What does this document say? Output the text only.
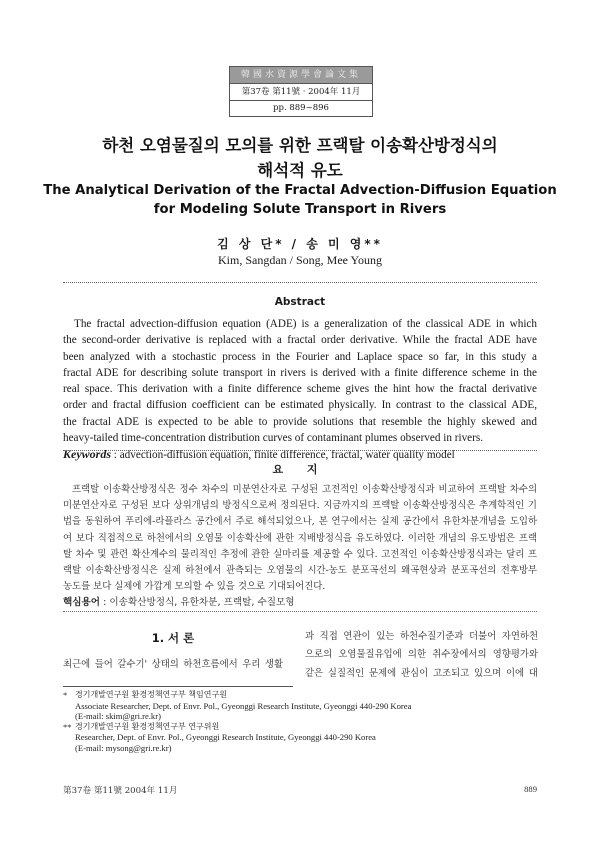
韓國水資源學會論文集
第37卷 第11號 · 2004年 11月
pp. 889~896
하천 오염물질의 모의를 위한 프랙탈 이송확산방정식의
해석적 유도
The Analytical Derivation of the Fractal Advection-Diffusion Equation
for Modeling Solute Transport in Rivers
김 상 단* / 송 미 영**
Kim, Sangdan / Song, Mee Young
Abstract
The fractal advection-diffusion equation (ADE) is a generalization of the classical ADE in which
the second-order derivative is replaced with a fractal order derivative. While the fractal ADE have
been analyzed with a stochastic process in the Fourier and Laplace space so far, in this study a
fractal ADE for describing solute transport in rivers is derived with a finite difference scheme in the
real space. This derivation with a finite difference scheme gives the hint how the fractal derivative
order and fractal diffusion coefficient can be estimated physically. In contrast to the classical ADE,
the fractal ADE is expected to be able to provide solutions that resemble the highly skewed and
heavy-tailed time-concentration distribution curves of contaminant plumes observed in rivers.
Keywords : advection-diffusion equation, finite difference, fractal, water quality model
요 지
프랙탈 이송확산방정식은 정수 차수의 미분연산자로 구성된 고전적인 이송확산방정식과 비교하여 프랙탈 차수의
미분연산자로 구성된 보다 상위개념의 방정식으로써 정의된다. 지금까지의 프랙탈 이송확산방정식은 추계학적인 기
법을 동원하여 푸리에-라플라스 공간에서 주로 해석되었으나, 본 연구에서는 실제 공간에서 유한차분개념을 도입하
여 보다 직접적으로 하천에서의 오염물 이송확산에 관한 지배방정식을 유도하였다. 이러한 개념의 유도방법은 프랙
탈 차수 및 관련 확산계수의 물리적인 추정에 관한 실마리를 제공할 수 있다. 고전적인 이송확산방정식과는 달리 프
랙탈 이송확산방정식은 실제 하천에서 관측되는 오염물의 시간-농도 분포곡선의 왜곡현상과 분포곡선의 전후방부
농도를 보다 실제에 가깝게 모의할 수 있을 것으로 기대되어진다.
핵심용어 : 이송확산방정식, 유한차분, 프랙탈, 수질모형
1. 서 론
최근에 들어 갈수기' 상태의 하천흐름에서 우리 생활
과 직접 연관이 있는 하천수질기준과 더불어 자연하천
으로의 오염물질유입에 의한 취수장에서의 영향평가와
같은 실질적인 문제에 관심이 고조되고 있으며 이에 대
* 경기개발연구원 환경정책연구부 책임연구원
Associate Researcher, Dept. of Envr. Pol., Gyeonggi Research Institute, Gyeonggi 440-290 Korea
(E-mail: skim@gri.re.kr)
** 경기개발연구원 환경정책연구부 연구위원
Researcher, Dept. of Envr. Pol., Gyeonggi Research Institute, Gyeonggi 440-290 Korea
(E-mail: mysong@gri.re.kr)
第37卷 第11號 2004年 11月	889
